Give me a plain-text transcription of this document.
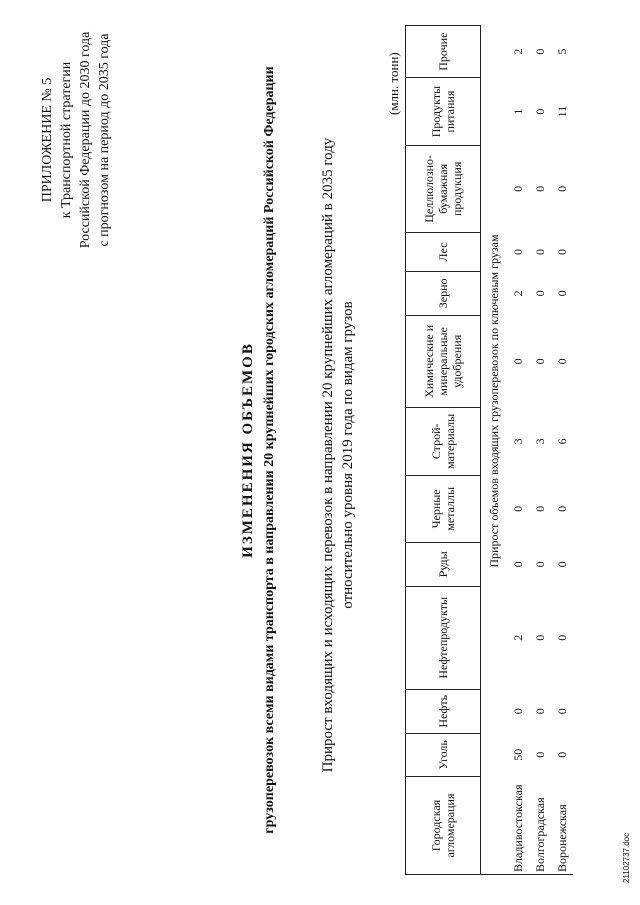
ПРИЛОЖЕНИЕ № 5 к Транспортной стратегии Российской Федерации до 2030 года с прогнозом на период до 2035 года
ИЗМЕНЕНИЯ ОБЪЕМОВ грузоперевозок всеми видами транспорта в направлении 20 крупнейших городских агломераций Российской Федерации	Прирост входящих и исходящих перевозок в направлении 20 крупнейших агломераций в 2035 году относительно уровня 2019 года по видам грузов
(млн. тонн)
Городская агломерация	Уголь	Нефть	Нефтепродукты	Руды	Черные металлы	Строй- материалы	Химические и минеральные удобрения	Зерно	Лес	Целлюлозно- бумажная продукция	Продукты питания	Прочие
	Прирост объемов входящих грузоперевозок по ключевым грузам											
Владивостокская	50	0	2	0	0	3	0	2	0	0	1	2
Волгоградская	0	0	0	0	0	3	0	0	0	0	0	0
Воронежская	0	0	0	0	0	6	0	0	0	0	11	5
21102737.doc
